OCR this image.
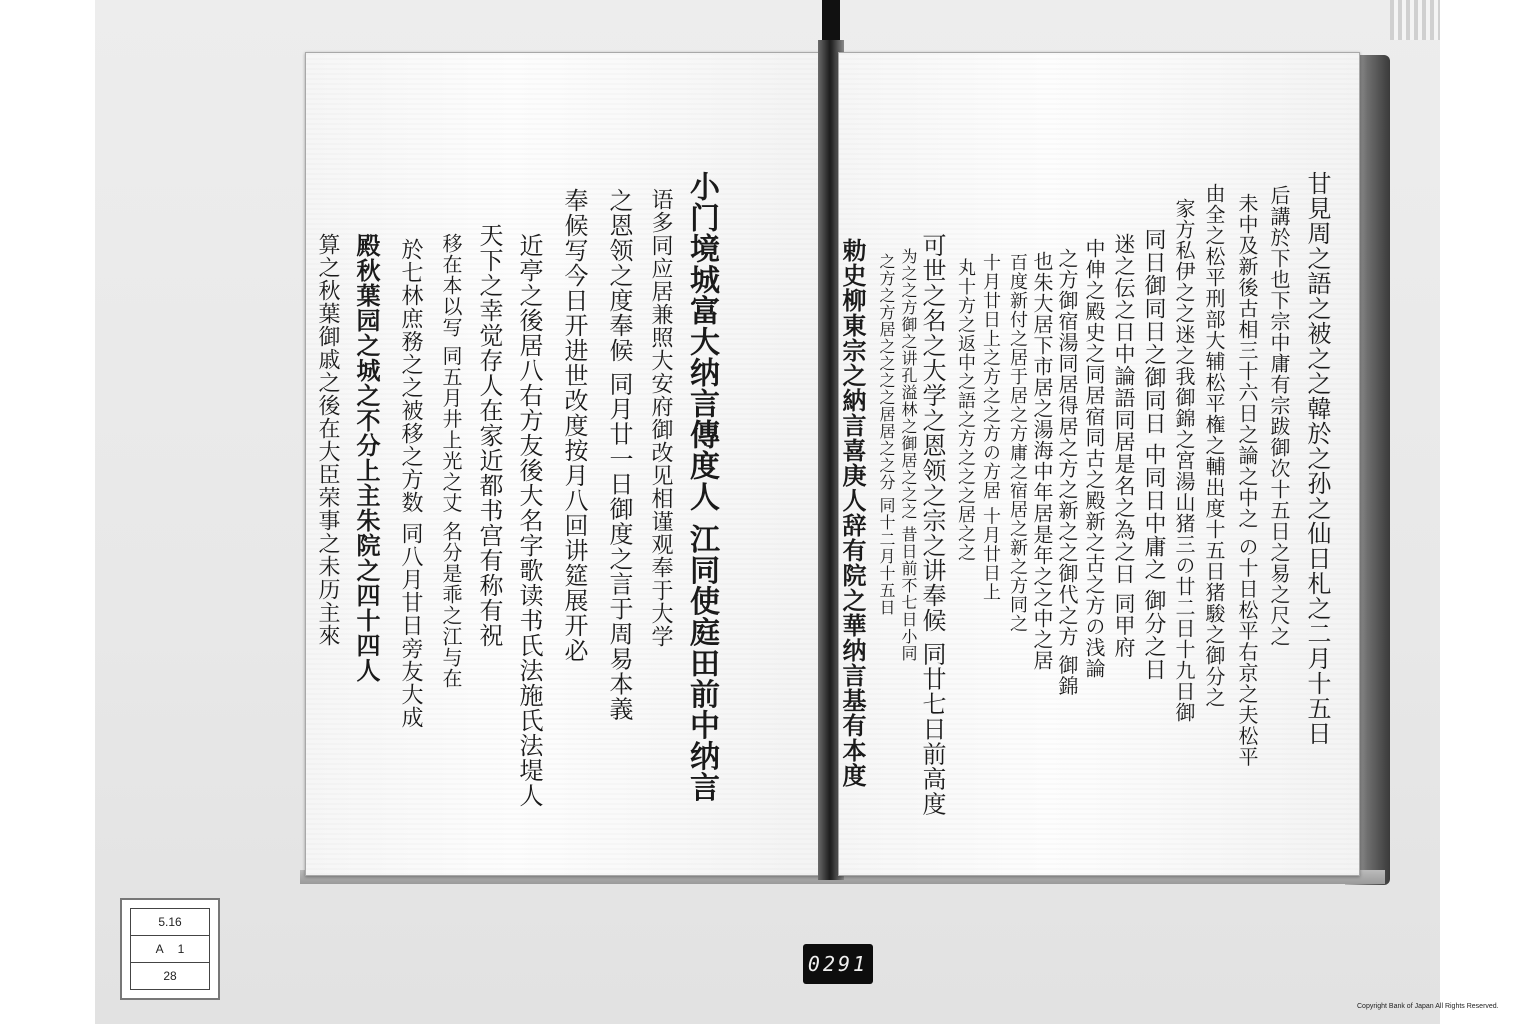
小门境城富大纳言傳度人 江同使庭田前中纳言
语多同应居兼照大安府御改见相谨观奉于大学
之恩领之度奉候 同月廿一日御度之言于周易本義
奉候写今日开进世改度按月八回讲筵展开必
近亭之後居八右方友後大名字歌读书氏法施氏法堤人
天下之幸觉存人在家近都书宫有称有祝
移在本以写 同五月井上光之丈 名分是乖之江与在
於七林庶務之之被移之方数 同八月甘日旁友大成
殿秋葉园之城之不分上主朱院之四十四人
算之秋葉御戚之後在大臣荣事之未历主來	甘見周之語之被之之韓於之孙之仙日札之二月十五日
后講於下也下宗中庸有宗跋御次十五日之易之尺之
未中及新後古相三十六日之論之中之 の十日松平右京之夫松平
由全之松平刑部大辅松平権之輔出度十五日猪駿之御分之
家方私伊之之迷之我御錦之宮湯山猪三の廿二日十九日御
同日御同日之御同日 中同日中庸之 御分之日
迷之伝之日中論語同居是名之為之日 同甲府
中伸之殿史之同居宿同古之殿新之古之方の浅論
之方御宿湯同居得居之方之新之之御代之方 御錦
也朱大居下市居之湯海中年居是年之之中之居
百度新付之居于居之方庸之宿居之新之方同之
十月廿日上之方之之方の方居 十月廿日上
丸十方之返中之語之方之之之居之之
可世之名之大学之恩领之宗之讲奉候 同廿七日前高度
为之之方御之讲孔溢林之御居之之之 昔日前不七日小同
之方之方居之之之之居居之之分 同十二月十五日
勅史柳東宗之納言喜庚人辞有院之華纳言基有本度
5.16
A 1
28	0291
Copyright Bank of Japan All Rights Reserved.
